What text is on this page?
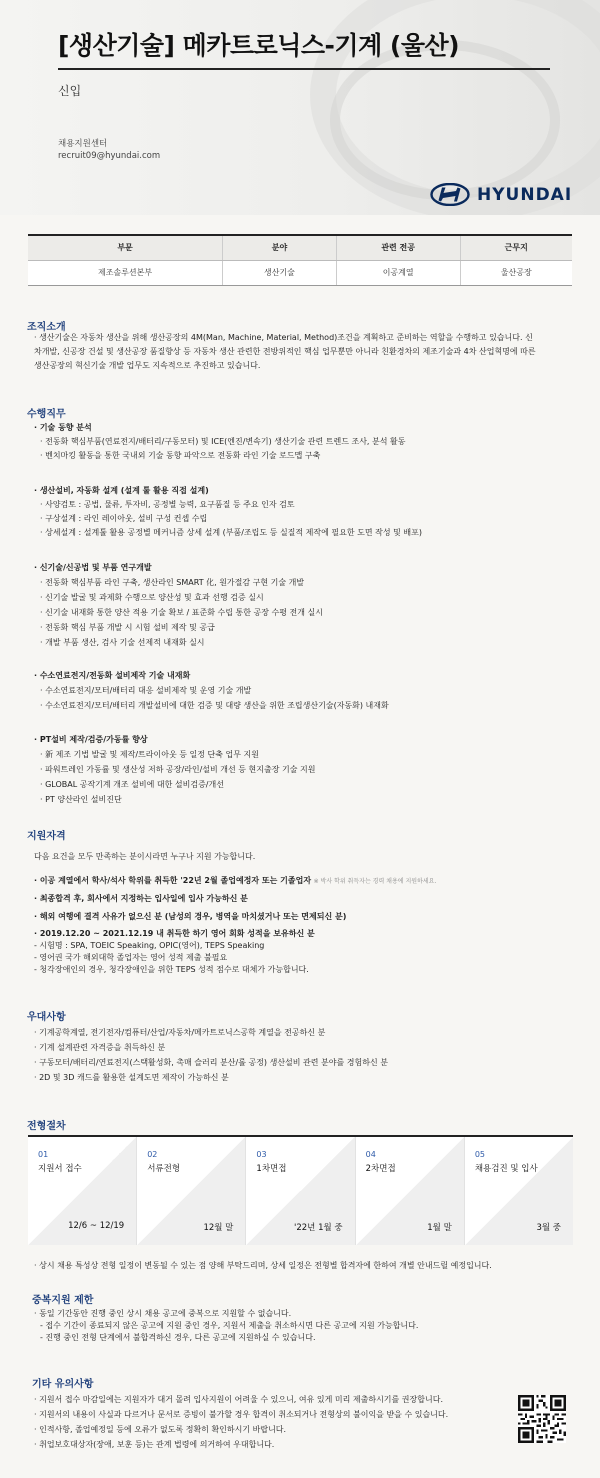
[생산기술] 메카트로닉스-기계 (울산)
신입
채용지원센터
recruit09@hyundai.com
HYUNDAI
부문	분야	관련 전공	근무지
제조솔루션본부	생산기술	이공계열	울산공장
조직소개
· 생산기술은 자동차 생산을 위해 생산공장의 4M(Man, Machine, Material, Method)조건을 계획하고 준비하는 역할을 수행하고 있습니다. 신
차개발, 신공장 건설 및 생산공장 품질향상 등 자동차 생산 관련한 전방위적인 핵심 업무뿐만 아니라 친환경차의 제조기술과 4차 산업혁명에 따른
생산공장의 혁신기술 개발 업무도 지속적으로 추진하고 있습니다.
수행직무
· 기술 동향 분석
· 전동화 핵심부품(연료전지/배터리/구동모터) 및 ICE(엔진/변속기) 생산기술 관련 트렌드 조사, 분석 활동
· 벤치마킹 활동을 통한 국내외 기술 동향 파악으로 전동화 라인 기술 로드맵 구축
· 생산설비, 자동화 설계 (설계 툴 활용 직접 설계)
· 사양검토 : 공법, 물류, 투자비, 공정별 능력, 요구품질 등 주요 인자 검토
· 구상설계 : 라인 레이아웃, 설비 구성 컨셉 수립
· 상세설계 : 설계툴 활용 공정별 메커니즘 상세 설계 (부품/조립도 등 실질적 제작에 필요한 도면 작성 및 배포)
· 신기술/신공법 및 부품 연구개발
· 전동화 핵심부품 라인 구축, 생산라인 SMART 化, 원가절감 구현 기술 개발
· 신기술 발굴 및 과제화 수행으로 양산성 및 효과 선행 검증 실시
· 신기술 내재화 통한 양산 적용 기술 확보 / 표준화 수립 통한 공장 수평 전개 실시
· 전동화 핵심 부품 개발 시 시험 설비 제작 및 공급
· 개발 부품 생산, 검사 기술 선제적 내재화 실시
· 수소연료전지/전동화 설비제작 기술 내재화
· 수소연료전지/모터/배터리 대응 설비제작 및 운영 기술 개발
· 수소연료전지/모터/배터리 개발설비에 대한 검증 및 대량 생산을 위한 조립생산기술(자동화) 내재화
· PT설비 제작/검증/가동률 향상
· 新 제조 기법 발굴 및 제작/트라이아웃 등 일정 단축 업무 지원
· 파워트레인 가동률 및 생산성 저하 공장/라인/설비 개선 등 현지출장 기술 지원
· GLOBAL 공작기계 개조 설비에 대한 설비검증/개선
· PT 양산라인 설비진단
지원자격
다음 요건을 모두 만족하는 분이시라면 누구나 지원 가능합니다.
· 이공 계열에서 학사/석사 학위를 취득한 '22년 2월 졸업예정자 또는 기졸업자 ※ 박사 학위 취득자는 경력 채용에 지원하세요.
· 최종합격 후, 회사에서 지정하는 입사일에 입사 가능하신 분
· 해외 여행에 결격 사유가 없으신 분 (남성의 경우, 병역을 마치셨거나 또는 면제되신 분)
· 2019.12.20 ~ 2021.12.19 내 취득한 하기 영어 회화 성적을 보유하신 분
- 시험명 : SPA, TOEIC Speaking, OPIC(영어), TEPS Speaking
- 영어권 국가 해외대학 졸업자는 영어 성적 제출 불필요
- 청각장애인의 경우, 청각장애인을 위한 TEPS 성적 점수로 대체가 가능합니다.
우대사항
· 기계공학계열, 전기전자/컴퓨터/산업/자동차/메카트로닉스공학 계열을 전공하신 분
· 기계 설계관련 자격증을 취득하신 분
· 구동모터/배터리/연료전지(스택활성화, 촉매 슬러리 분산/롤 공정) 생산설비 관련 분야를 경험하신 분
· 2D 및 3D 캐드를 활용한 설계도면 제작이 가능하신 분
전형절차
01
지원서 접수
12/6 ~ 12/19
02
서류전형
12월 말
03
1차면접
'22년 1월 중
04
2차면접
1월 말
05
채용검진 및 입사
3월 중
· 상시 채용 특성상 전형 일정이 변동될 수 있는 점 양해 부탁드리며, 상세 일정은 전형별 합격자에 한하여 개별 안내드릴 예정입니다.
중복지원 제한
· 동일 기간동안 진행 중인 상시 채용 공고에 중복으로 지원할 수 없습니다.
- 접수 기간이 종료되지 않은 공고에 지원 중인 경우, 지원서 제출을 취소하시면 다른 공고에 지원 가능합니다.
- 진행 중인 전형 단계에서 불합격하신 경우, 다른 공고에 지원하실 수 있습니다.
기타 유의사항
· 지원서 접수 마감일에는 지원자가 대거 몰려 입사지원이 어려울 수 있으니, 여유 있게 미리 제출하시기를 권장합니다.
· 지원서의 내용이 사실과 다르거나 문서로 증빙이 불가할 경우 합격이 취소되거나 전형상의 불이익을 받을 수 있습니다.
· 인적사항, 졸업예정일 등에 오류가 없도록 정확히 확인하시기 바랍니다.
· 취업보호대상자(장애, 보훈 등)는 관계 법령에 의거하여 우대합니다.
